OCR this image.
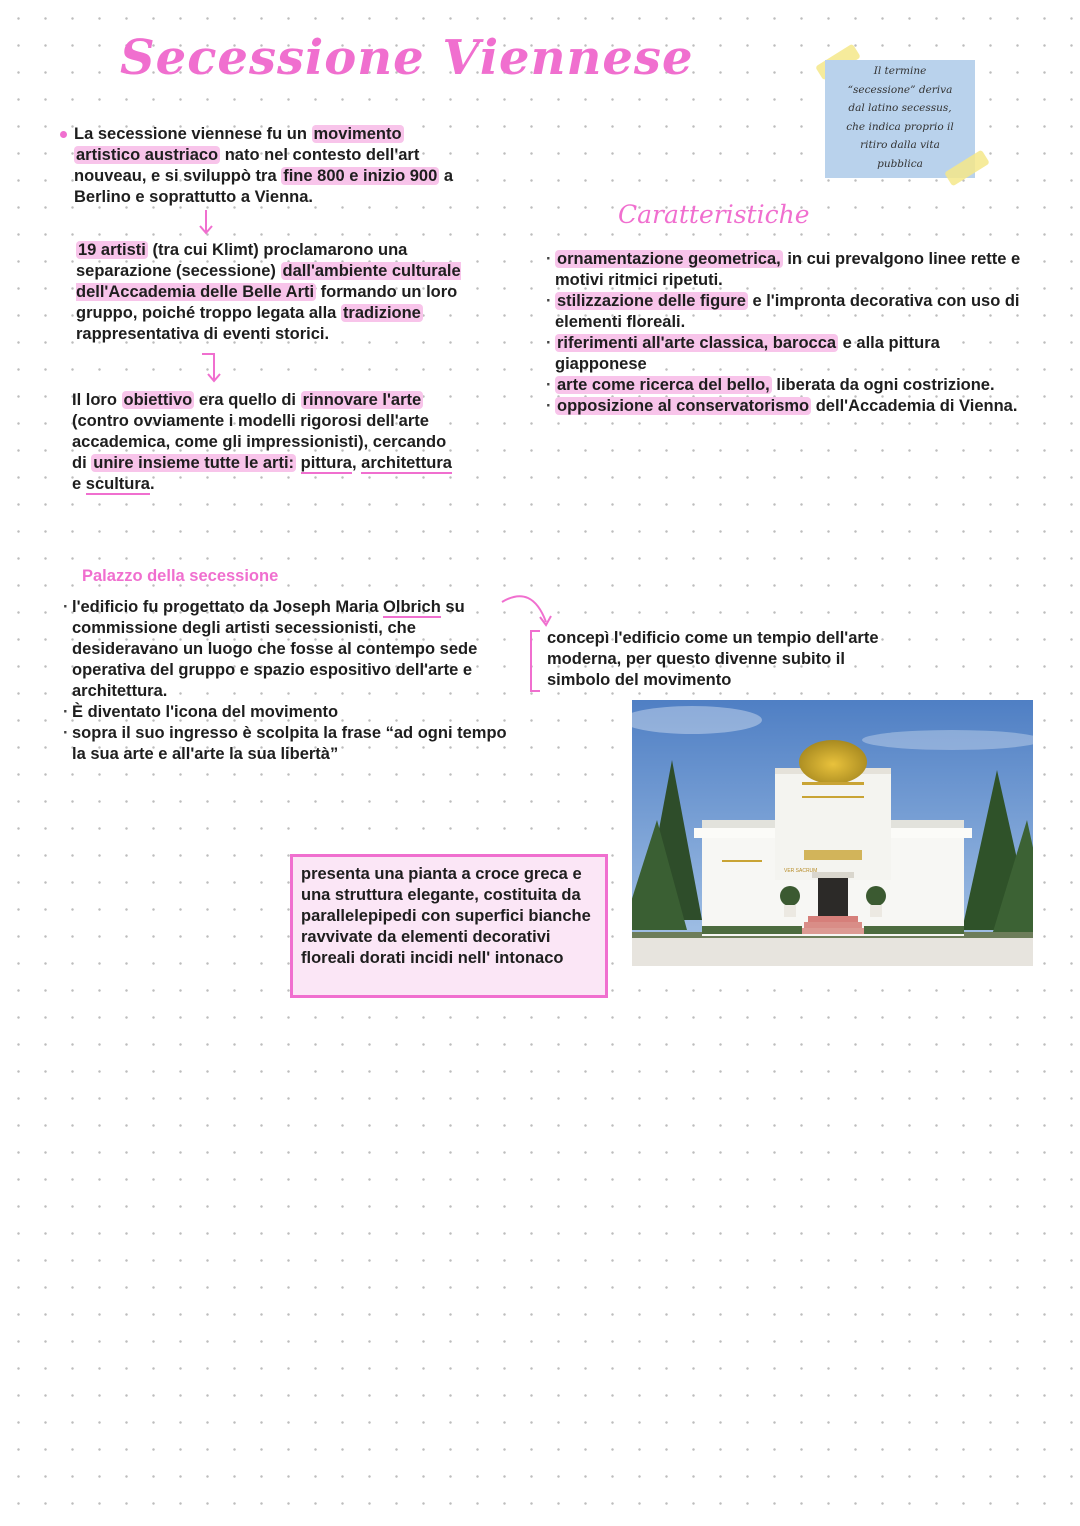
Secessione Viennese	Il termine
“secessione” deriva
dal latino secessus,
che indica proprio il
ritiro dalla vita
pubblica
La secessione viennese fu un movimento artistico austriaco nato nel contesto dell'art nouveau, e si sviluppò tra fine 800 e inizio 900 a Berlino e soprattutto a Vienna.
19 artisti (tra cui Klimt) proclamarono una separazione (secessione) dall'ambiente culturale dell'Accademia delle Belle Arti formando un loro gruppo, poiché troppo legata alla tradizione rappresentativa di eventi storici.
Il loro obiettivo era quello di rinnovare l'arte (contro ovviamente i modelli rigorosi dell'arte accademica, come gli impressionisti), cercando di unire insieme tutte le arti: pittura, architettura e scultura.
Caratteristiche
· ornamentazione geometrica, in cui prevalgono linee rette e motivi ritmici ripetuti.
· stilizzazione delle figure e l'impronta decorativa con uso di elementi floreali.
· riferimenti all'arte classica, barocca e alla pittura giapponese
· arte come ricerca del bello, liberata da ogni costrizione.
· opposizione al conservatorismo dell'Accademia di Vienna.
Palazzo della secessione
· l'edificio fu progettato da Joseph Maria Olbrich su commissione degli artisti secessionisti, che desideravano un luogo che fosse al contempo sede operativa del gruppo e spazio espositivo dell'arte e architettura.
· È diventato l'icona del movimento
· sopra il suo ingresso è scolpita la frase “ad ogni tempo la sua arte e all'arte la sua libertà”
concepì l'edificio come un tempio dell'arte moderna, per questo divenne subito il simbolo del movimento
presenta una pianta a croce greca e una struttura elegante, costituita da parallelepipedi con superfici bianche ravvivate da elementi decorativi floreali dorati incidi nell' intonaco
VER SACRUM
